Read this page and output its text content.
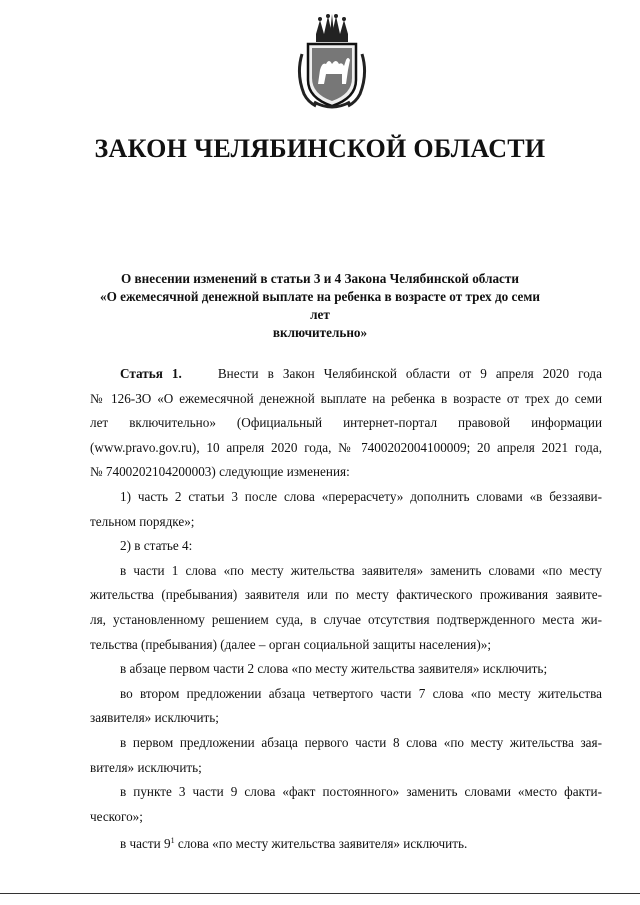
ЗАКОН ЧЕЛЯБИНСКОЙ ОБЛАСТИ
О внесении изменений в статьи 3 и 4 Закона Челябинской области
«О ежемесячной денежной выплате на ребенка в возрасте от трех до семи лет
включительно»

Статья 1.	Внести в Закон Челябинской области от 9 апреля 2020 года
№ 126-ЗО «О ежемесячной денежной выплате на ребенка в возрасте от трех до семи
лет включительно» (Официальный интернет-портал правовой информации
(www.pravo.gov.ru), 10 апреля 2020 года, № 7400202004100009; 20 апреля 2021 года,
№ 7400202104200003) следующие изменения:

1) часть 2 статьи 3 после слова «перерасчету» дополнить словами «в беззаяви-
тельном порядке»;

2) в статье 4:

в части 1 слова «по месту жительства заявителя» заменить словами «по месту
жительства (пребывания) заявителя или по месту фактического проживания заявите-
ля, установленному решением суда, в случае отсутствия подтвержденного места жи-
тельства (пребывания) (далее – орган социальной защиты населения)»;

в абзаце первом части 2 слова «по месту жительства заявителя» исключить;

во втором предложении абзаца четвертого части 7 слова «по месту жительства
заявителя» исключить;

в первом предложении абзаца первого части 8 слова «по месту жительства зая-
вителя» исключить;

в пункте 3 части 9 слова «факт постоянного» заменить словами «место факти-
ческого»;

в части $9^1$ слова «по месту жительства заявителя» исключить.
